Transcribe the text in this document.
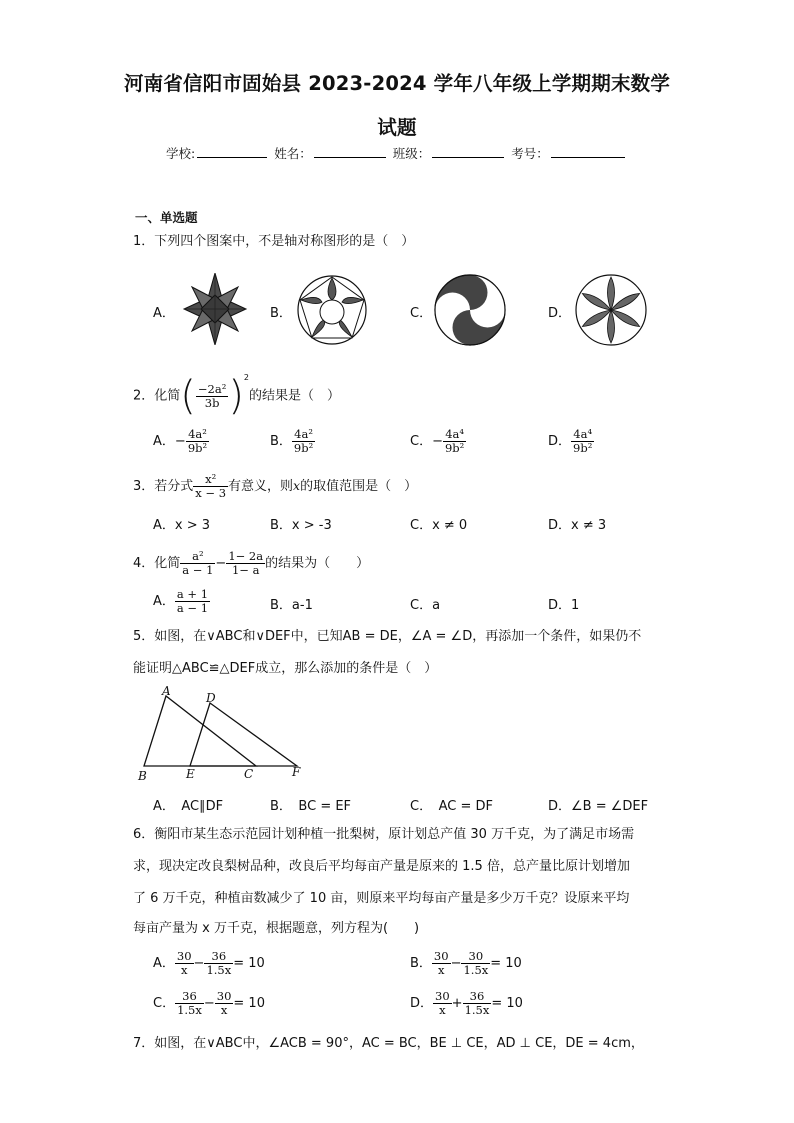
河南省信阳市固始县 2023-2024 学年八年级上学期期末数学
试题
学校:	姓名：	班级：	考号：
一、单选题
1．下列四个图案中，不是轴对称图形的是（　）
A．	B．	C．	D．
2．化简( $\frac{\text{−2a²}}{3b} )^2$的结果是（　）
A．− $\frac{\text{4a²}}{\text{9b²}}$	B． $\frac{\text{4a²}}{\text{9b²}}$	C．− $\frac{\text{4a⁴}}{\text{9b²}}$	D． $\frac{\text{4a⁴}}{\text{9b²}}$
3．若分式 $\frac{\text{x²}}{x - 3}$ 有意义，则x的取值范围是（　）
A．x > 3	B．x > -3	C．x ≠ 0	D．x ≠ 3
4．化简 $\frac{\text{a²}}{a - 1} - \frac{1- 2a}{1- a}$ 的结果为（　　）
A． $\frac{a + 1}{a - 1}$	B．a-1	C．a	D．1
5．如图，在∨ABC和∨DEF中，已知AB = DE，∠A = ∠D，再添加一个条件，如果仍不
能证明△ABC≌△DEF成立，那么添加的条件是（　）
A	D
B	E	C	F
A．　AC∥DF	B．　BC = EF	C．　AC = DF	D．∠B = ∠DEF
6．衡阳市某生态示范园计划种植一批梨树，原计划总产值 30 万千克，为了满足市场需
求，现决定改良梨树品种，改良后平均每亩产量是原来的 1.5 倍，总产量比原计划增加
了 6 万千克，种植亩数减少了 10 亩，则原来平均每亩产量是多少万千克？设原来平均
每亩产量为 x 万千克，根据题意，列方程为(　　)
A． $\frac{30}{x} - \frac{36}{1.5x} = 10$	B． $\frac{30}{x} - \frac{30}{1.5x} = 10$
C． $\frac{36}{1.5x} - \frac{30}{x} = 10$	D． $\frac{30}{x} + \frac{36}{1.5x} = 10$
7．如图，在∨ABC中，∠ACB = 90°，AC = BC，BE ⊥ CE，AD ⊥ CE，DE = 4cm，
